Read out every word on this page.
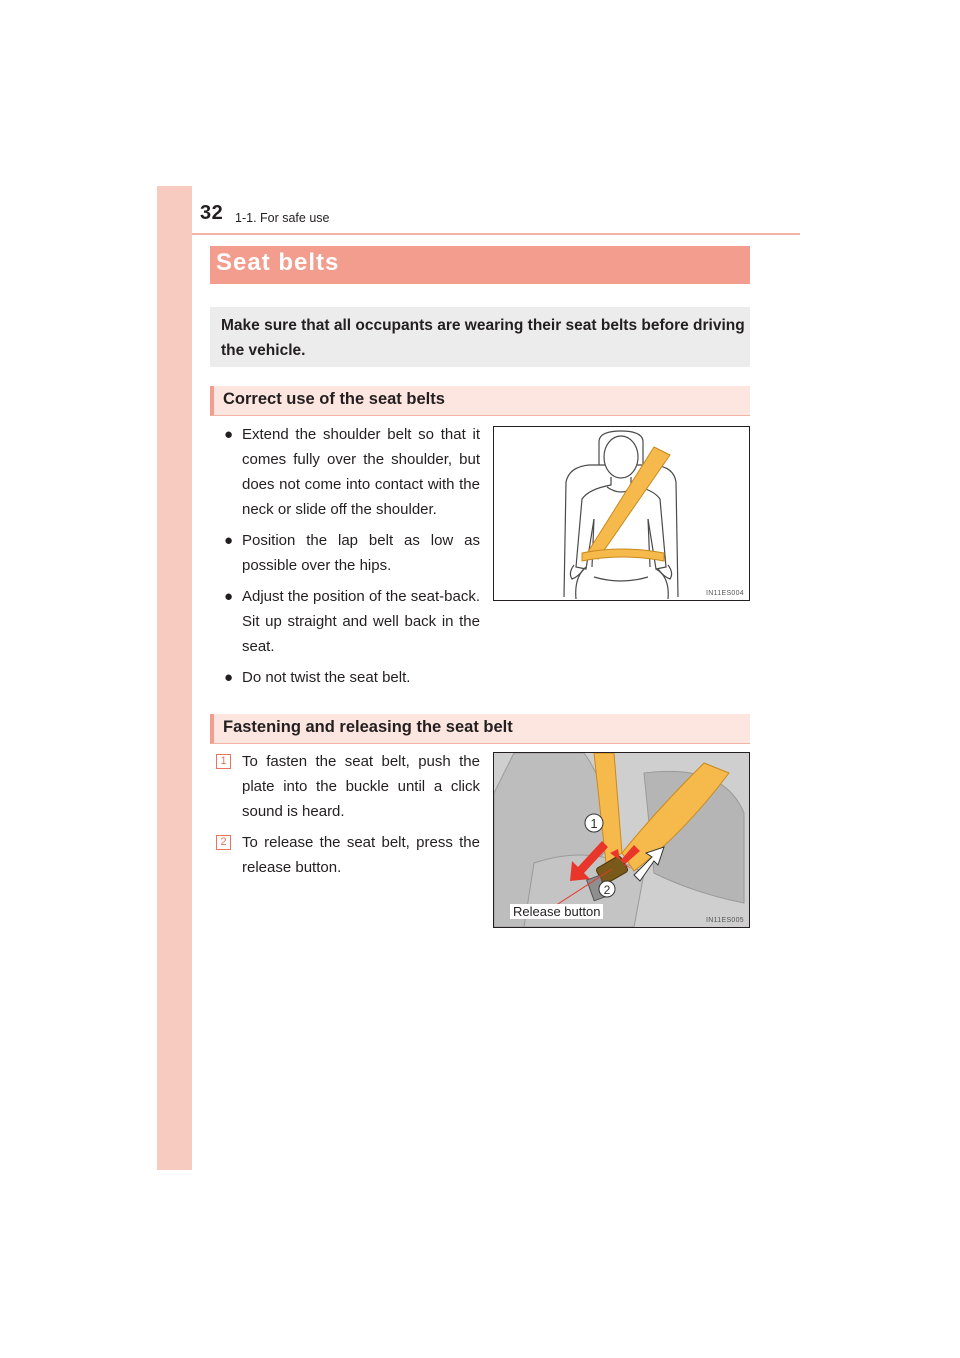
32 1-1. For safe use
Seat belts

Make sure that all occupants are wearing their seat belts before driving the vehicle.

Correct use of the seat belts
● Extend the shoulder belt so that it comes fully over the shoulder, but does not come into contact with the neck or slide off the shoulder.
● Position the lap belt as low as possible over the hips.
● Adjust the position of the seat-back. Sit up straight and well back in the seat.
● Do not twist the seat belt.
IN11ES004
Fastening and releasing the seat belt
1 To fasten the seat belt, push the plate into the buckle until a click sound is heard.
2 To release the seat belt, press the release button.
1
2
IN11ES005
Release button
